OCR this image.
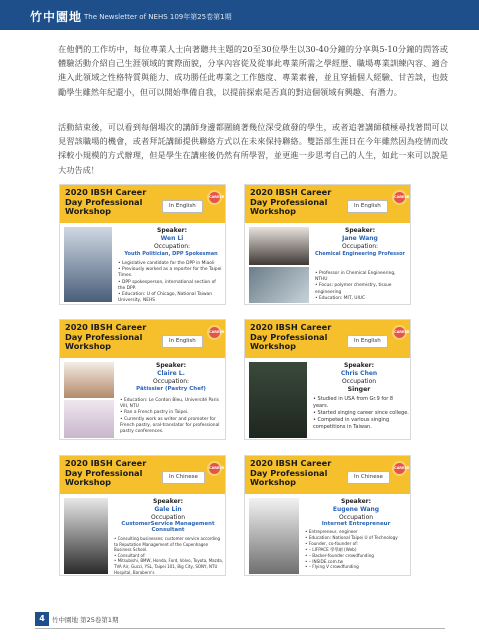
竹中園地 The Newsletter of NEHS 109年第25卷第1期

在他們的工作坊中，每位專業人士向著聽共主題的20至30位學生以30-40分鐘的分享與5-10分鐘的問答或體驗活動介紹自己生涯領域的實際面貌，分享內容從及從事此專業所需之學經歷、職場專業訓練內容、適合進入此領域之性格特質與能力、成功勝任此專業之工作態度、專業素養，並且穿插個人經驗、甘苦談，也鼓勵學生雖然年紀還小，但可以開始準備自我，以提前探索是否真的對這個領域有興趣、有潛力。

活動結束後，可以看到每個場次的講師身邊都圍繞著幾位深受啟發的學生，或者追著講師積極尋找著問可以見習該職場的機會，或者拜託講師提供聯絡方式以在未來保持聯絡。雙語部生涯日在今年雖然因為疫情而改採較小規模的方式辦理，但是學生在講座後仍然有所學習，並更進一步思考自己的人生，如此一來可以說是大功告成！

2020 IBSH Career Day Professional Workshop	In English
CAREER
Speaker:
Wen Li
Occupation:
Youth Politician, DPP Spokesman
• Legislative candidate for the DPP in Miaoli
• Previously worked as a reporter for the Taipei Times.
• DPP spokesperson, international section of the DPP.
• Education: U of Chicago, National Taiwan University, NEHS
2020 IBSH Career Day Professional Workshop	In English
CAREER
Speaker:
Jane Wang
Occupation:
Chemical Engineering Professor
• Professor in Chemical Engineering, NTHU
• Focus: polymer chemistry, tissue engineering
• Education: MIT, UIUC
2020 IBSH Career Day Professional Workshop	In English
CAREER
Speaker:
Claire L.
Occupation:
Pâtissier (Pastry Chef)
• Education: Le Cordon Bleu, Université Paris VIII, NTU
• Ran a French pastry in Taipei.
• Currently work as writer and promoter for French pastry, oral-translator for professional pastry conferences.
2020 IBSH Career Day Professional Workshop	In English
CAREER
Speaker:
Chris Chen
Occupation
Singer
• Studied in USA from Gr.9 for 8 years.
• Started singing career since college.
• Competed in various singing competitions in Taiwan.
2020 IBSH Career Day Professional Workshop	In Chinese
CAREER
Speaker:
Gale Lin
Occupation
CustomerService Management Consultant
• Consulting businesses; customer service according to Reputation Management of the Copenhagen Business School.
• Consultant of:
• Mitsubishi, BMW, Honda, Ford, Volvo, Toyota, Mazda, TVA Air, Gucci, YSL, Taipei 101, Big City, SONY, NTU Hospital, Barabern's
2020 IBSH Career Day Professional Workshop	In Chinese
CAREER
Speaker:
Eugene Wang
Occupation
Internet Entrepreneur
• Entrepreneur, engineer
• Education: National Taipei U of Technology
• Founder, co-founder of:
• – LIFPACE 學學網 (Web)
• – Backer-founder crowdfunding
• – INSIDE.com.tw
• – Flying V crowdfunding
4	竹中園地 第25卷第1期
